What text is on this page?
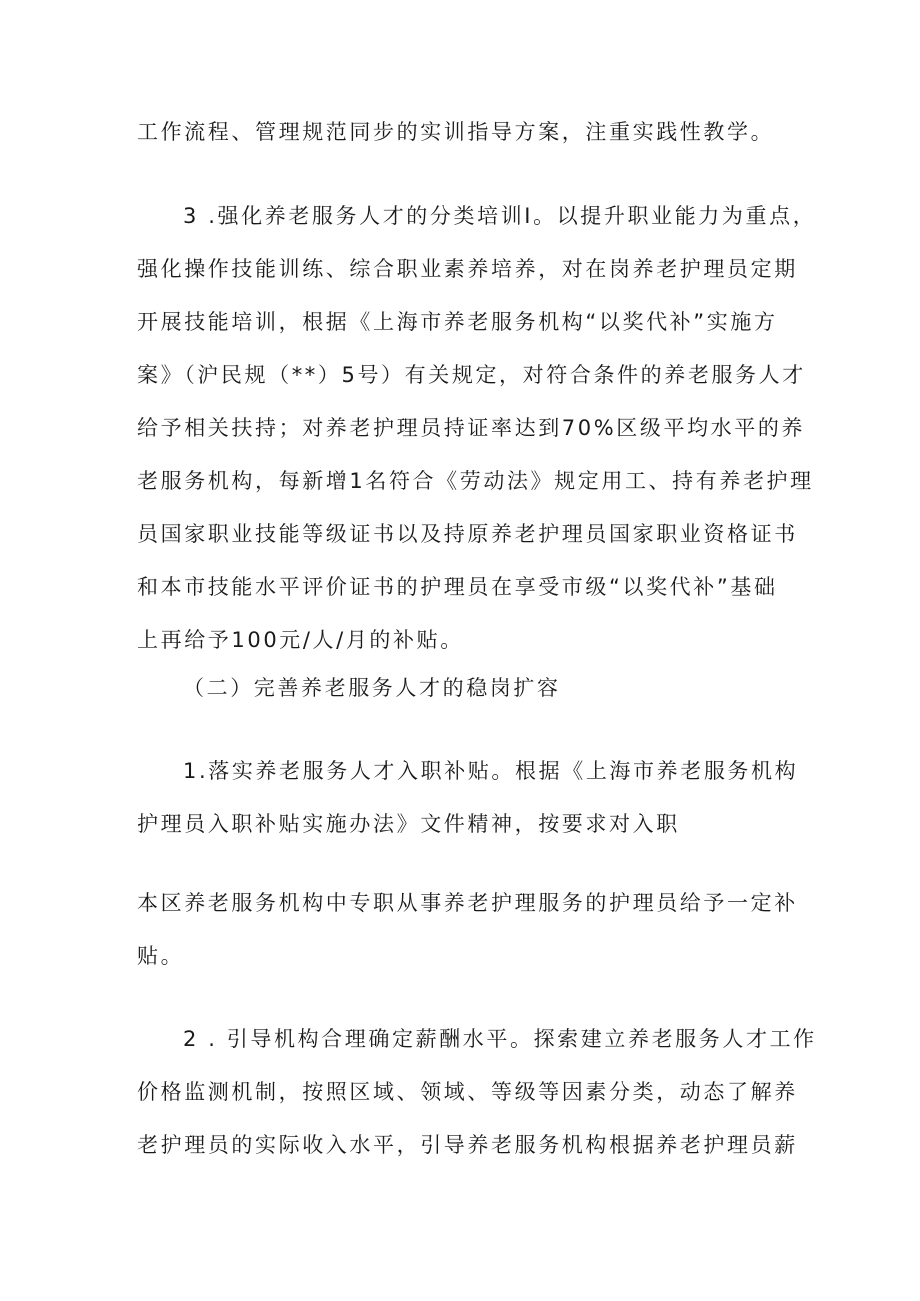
工作流程、管理规范同步的实训指导方案，注重实践性教学。
3 .强化养老服务人才的分类培训I。以提升职业能力为重点，
强化操作技能训练、综合职业素养培养，对在岗养老护理员定期
开展技能培训，根据《上海市养老服务机构“以奖代补”实施方
案》（沪民规（**）5号）有关规定，对符合条件的养老服务人才
给予相关扶持；对养老护理员持证率达到70%区级平均水平的养
老服务机构，每新增1名符合《劳动法》规定用工、持有养老护理
员国家职业技能等级证书以及持原养老护理员国家职业资格证书
和本市技能水平评价证书的护理员在享受市级“以奖代补”基础
上再给予100元/人/月的补贴。
（二）完善养老服务人才的稳岗扩容
1.落实养老服务人才入职补贴。根据《上海市养老服务机构
护理员入职补贴实施办法》文件精神，按要求对入职
本区养老服务机构中专职从事养老护理服务的护理员给予一定补
贴。
2 . 引导机构合理确定薪酬水平。探索建立养老服务人才工作
价格监测机制，按照区域、领域、等级等因素分类，动态了解养
老护理员的实际收入水平，引导养老服务机构根据养老护理员薪
